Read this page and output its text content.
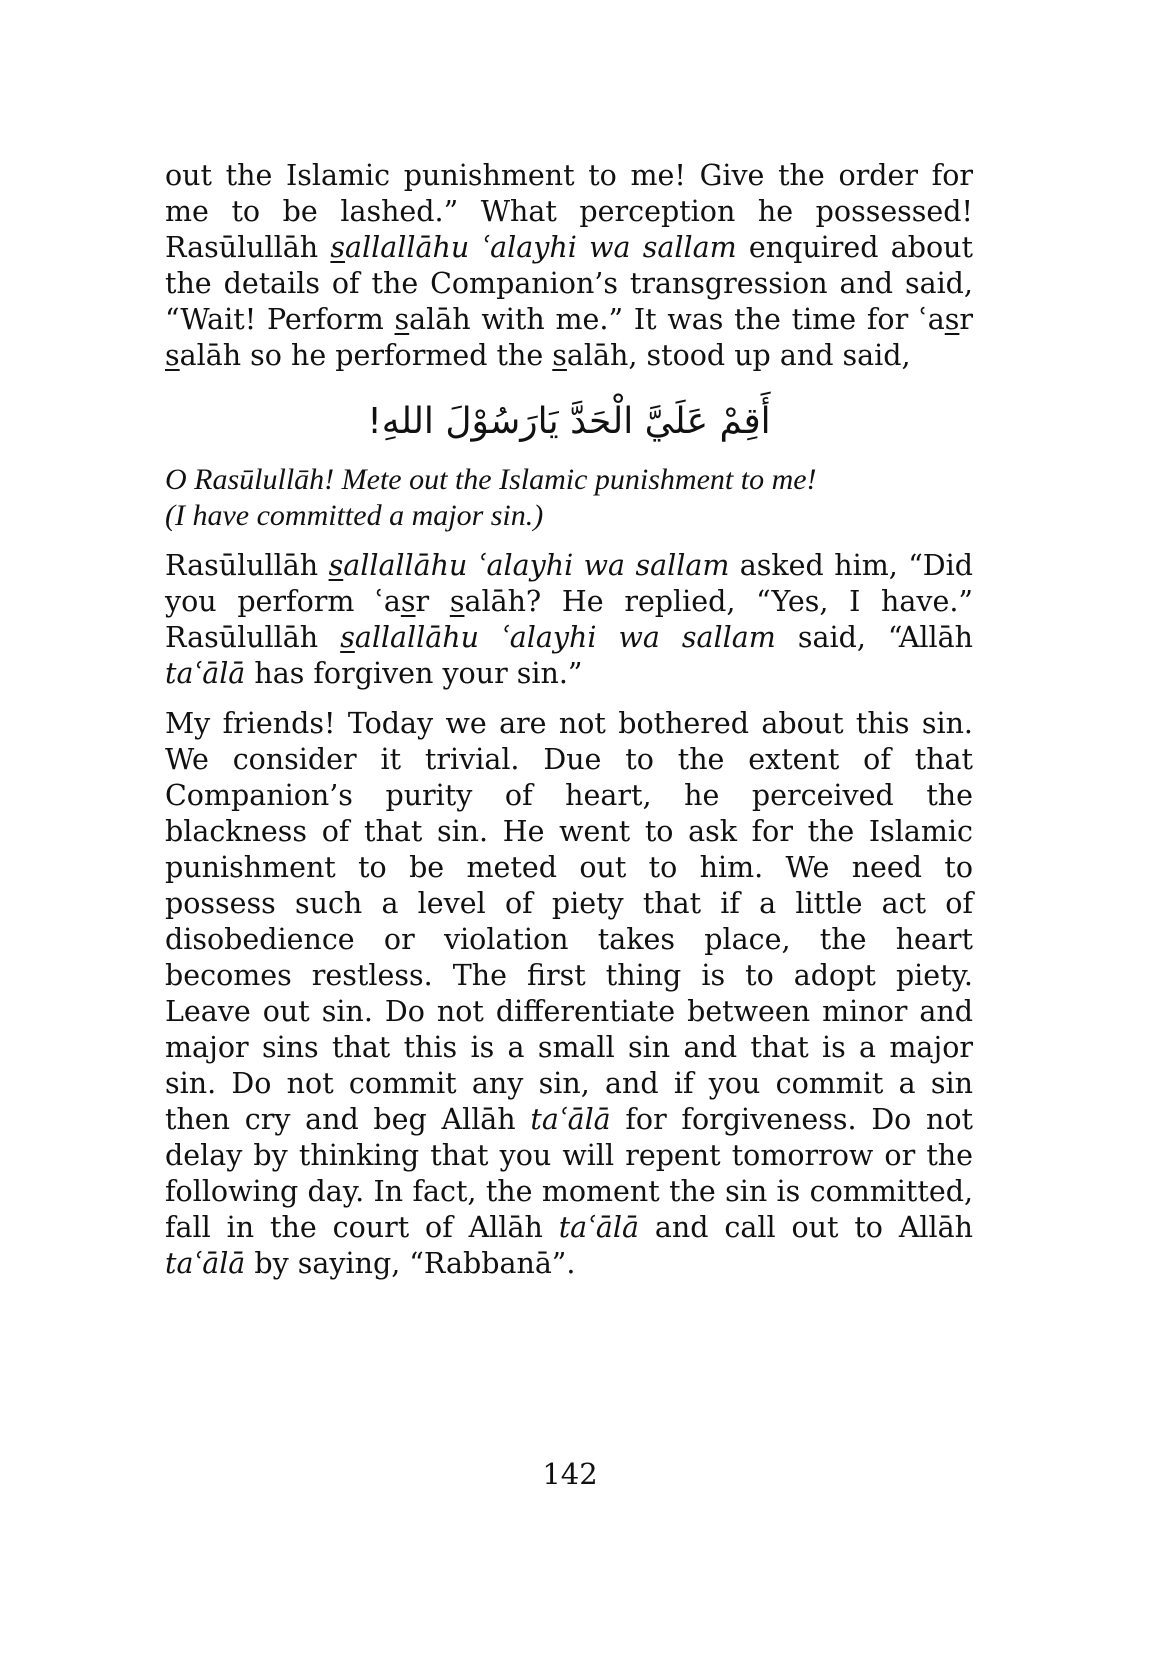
out the Islamic punishment to me! Give the order for me to be lashed.” What perception he possessed! Rasūlullāh sallallāhu ʿalayhi wa sallam enquired about the details of the Companion’s transgression and said, “Wait! Perform salāh with me.” It was the time for ʿasr salāh so he performed the salāh, stood up and said,

أَقِمْ عَلَيَّ الْحَدَّ يَارَسُوْلَ اللهِ!
O Rasūlullāh! Mete out the Islamic punishment to me!
(I have committed a major sin.)

Rasūlullāh sallallāhu ʿalayhi wa sallam asked him, “Did you perform ʿasr salāh? He replied, “Yes, I have.” Rasūlullāh sallallāhu ʿalayhi wa sallam said, “Allāh taʿālā has forgiven your sin.”

My friends! Today we are not bothered about this sin. We consider it trivial. Due to the extent of that Companion’s purity of heart, he perceived the blackness of that sin. He went to ask for the Islamic punishment to be meted out to him. We need to possess such a level of piety that if a little act of disobedience or violation takes place, the heart becomes restless. The first thing is to adopt piety. Leave out sin. Do not differentiate between minor and major sins that this is a small sin and that is a major sin. Do not commit any sin, and if you commit a sin then cry and beg Allāh taʿālā for forgiveness. Do not delay by thinking that you will repent tomorrow or the following day. In fact, the moment the sin is committed, fall in the court of Allāh taʿālā and call out to Allāh taʿālā by saying, “Rabbanā”.

142
